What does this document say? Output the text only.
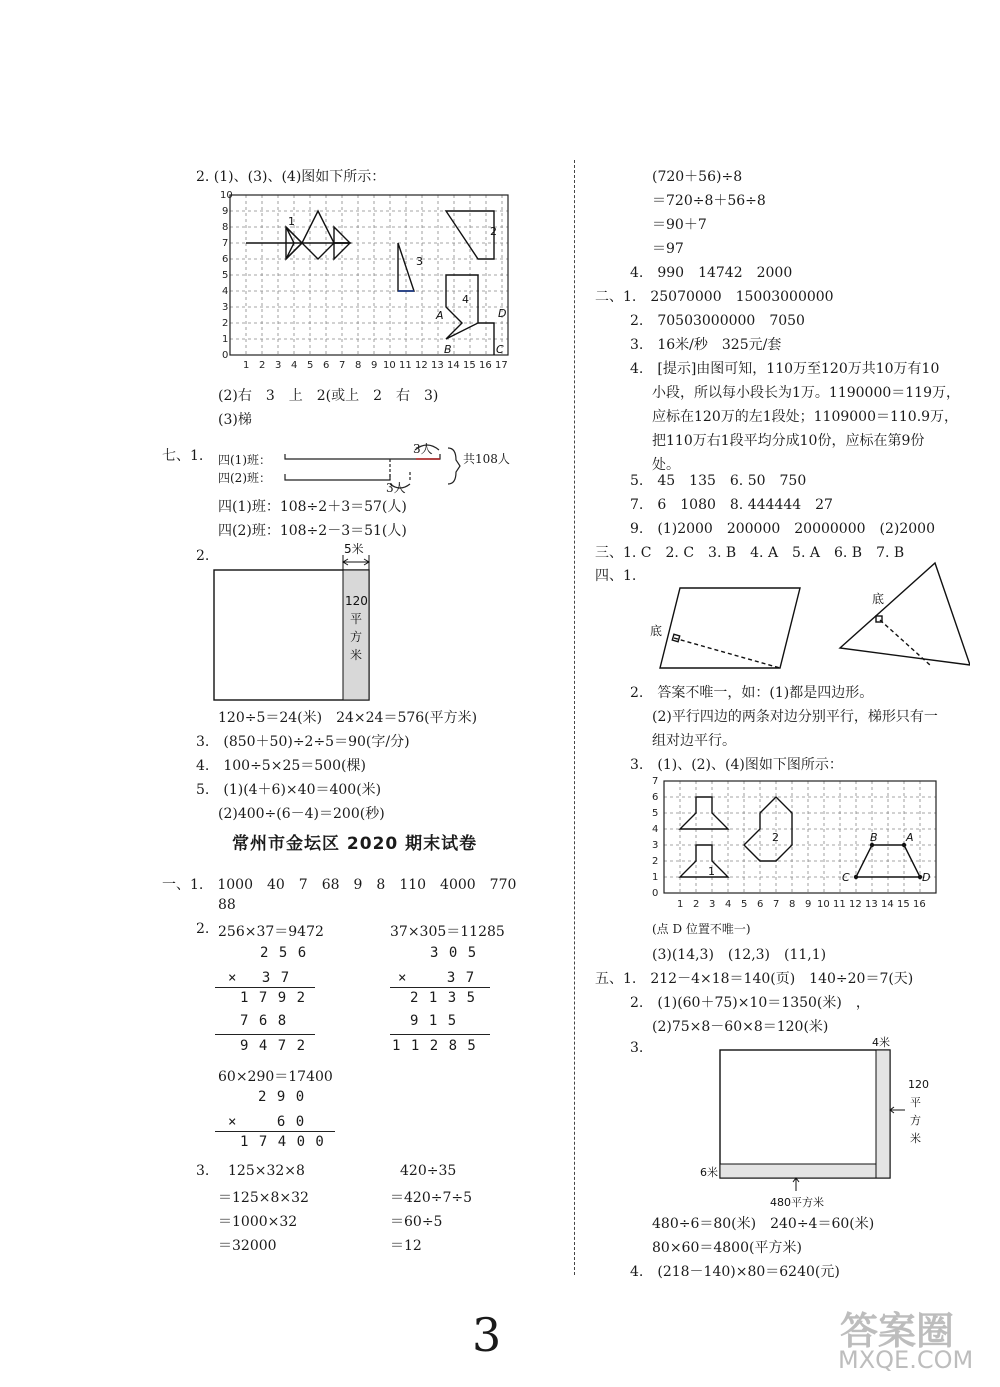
2. (1)、(3)、(4)图如下所示：
10
9
8
7
6
5
4
3
2
1
0
1 2 3 4 5 6 7 8 9 10 11 12 13 14 15 16 17
1
2
3
4
A
B	C
D
(2)右　3　上　2(或上　2　右　3)
(3)梯
七、1. 四(1)班：
四(2)班：
3人
3人
共108人
四(1)班：108÷2＋3＝57(人)
四(2)班：108÷2－3＝51(人)
2.	5米
120
平
方
米
120÷5＝24(米)　24×24＝576(平方米)
3.　(850＋50)÷2÷5＝90(字/分)
4.　100÷5×25＝500(棵)
5.　(1)(4＋6)×40＝400(米)
(2)400÷(6－4)＝200(秒)
常州市金坛区 2020 期末试卷
一、1.　1000　40　7　68　9　8　110　4000　770
88
2. 256×37＝9472	37×305＝11285
2 5 6
× 　3 7
1 7 9 2
7 6 8
9 4 7 2
3 0 5
× 　　3 7
2 1 3 5
9 1 5
1 1 2 8 5
60×290＝17400
2 9 0
× 　　6 0
1 7 4 0 0
3. 125×32×8
＝125×8×32
＝1000×32
＝32000
420÷35
＝420÷7÷5
＝60÷5
＝12
(720＋56)÷8
＝720÷8＋56÷8
＝90＋7
＝97
4.　990　14742　2000
二、1.　25070000　15003000000
2.　70503000000　7050
3.　16米/秒　325元/套
4.　[提示]由图可知，110万至120万共10万有10
小段，所以每小段长为1万。1190000＝119万，
应标在120万的左1段处；1109000＝110.9万，
把110万右1段平均分成10份，应标在第9份
处。
5.　45　135　6. 50　750
7.　6　1080　8. 444444　27
9.　(1)2000　200000　20000000　(2)2000
三、1. C　2. C　3. B　4. A　5. A　6. B　7. B
四、1.
底
底
2.　答案不唯一，如：(1)都是四边形。
(2)平行四边的两条对边分别平行，梯形只有一
组对边平行。
3.　(1)、(2)、(4)图如下图所示：
7
6
5
4
3
2
1
0
1 2 3 4 5 6 7 8 9 10 11 12 13 14 15 16
1
2	A
B
C	D
(点 D 位置不唯一)
(3)(14,3)　(12,3)　(11,1)
五、1.　212－4×18＝140(页)　140÷20＝7(天)
2.　(1)(60＋75)×10＝1350(米)　，
(2)75×8－60×8＝120(米)
3.	4米
120
平
方
米
6米
480平方米
480÷6＝80(米)　240÷4＝60(米)
80×60＝4800(平方米)
4.　(218－140)×80＝6240(元)
3	答案圈
MXQE.COM
